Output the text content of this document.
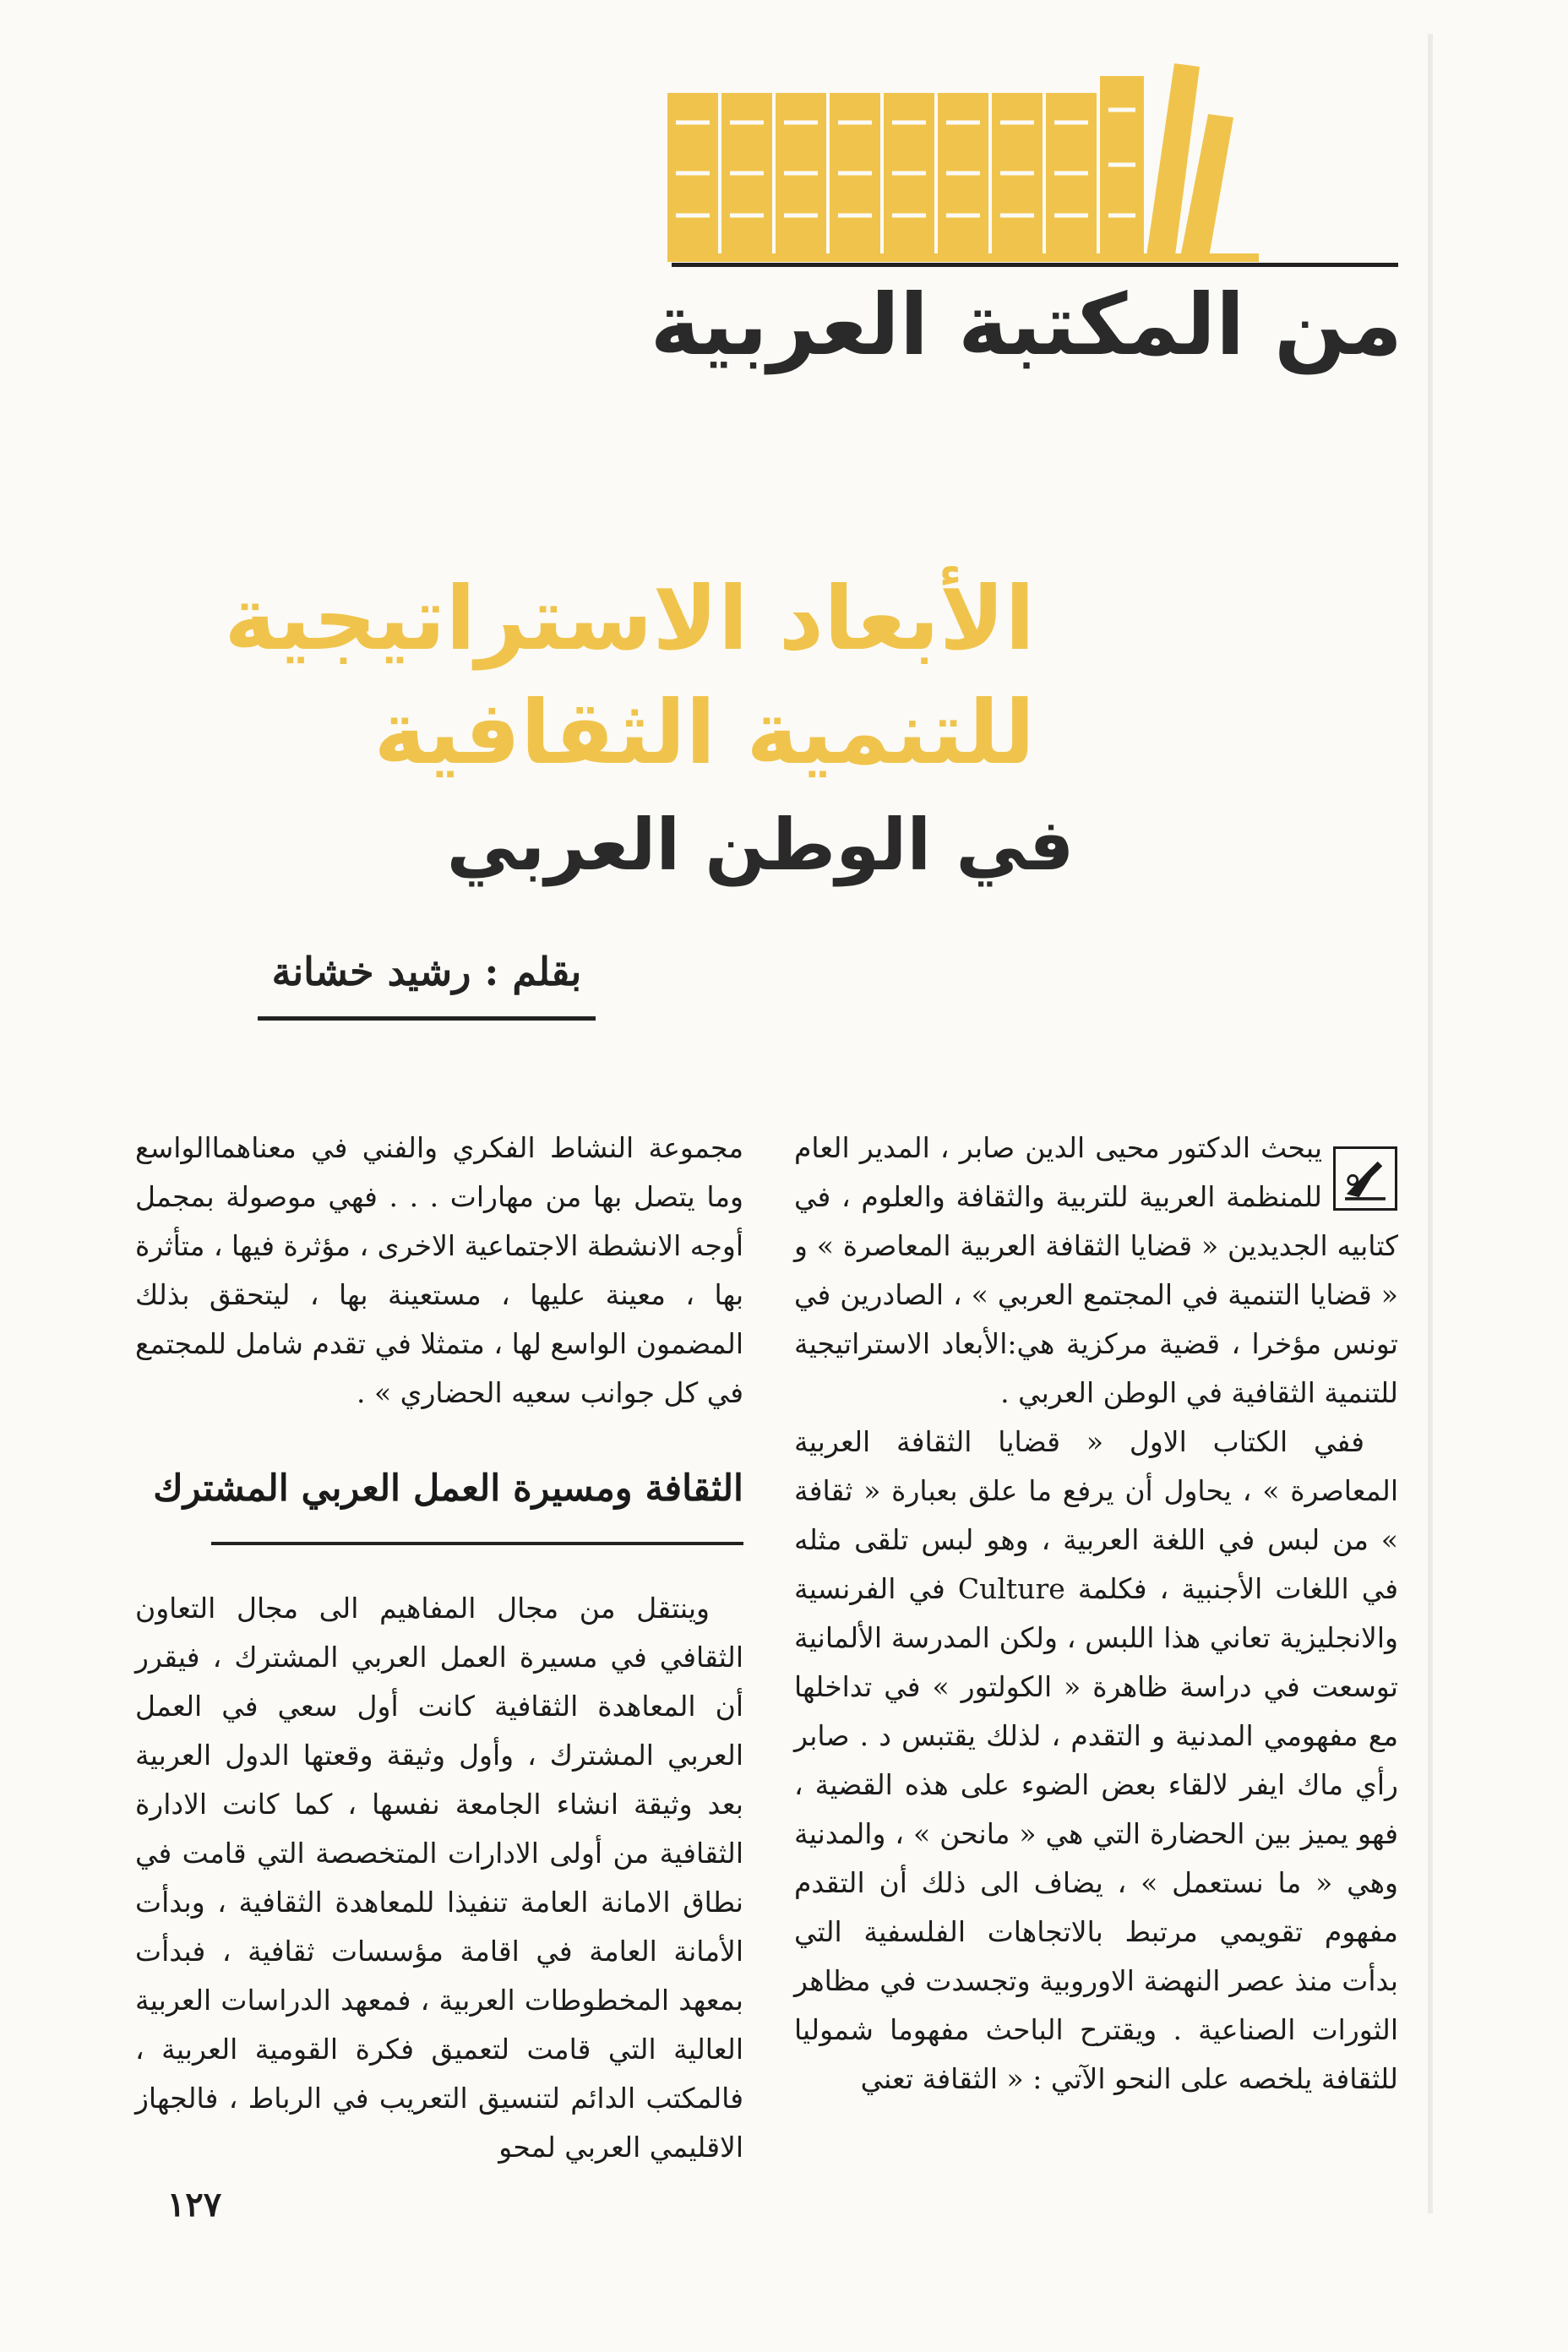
من المكتبة العربية
الأبعاد الاستراتيجية
للتنمية الثقافية
في الوطن العربي
بقلم : رشيد خشانة

يبحث الدكتور محيى الدين صابر ، المدير العام للمنظمة العربية للتربية والثقافة والعلوم ، في كتابيه الجديدين « قضايا الثقافة العربية المعاصرة » و « قضايا التنمية في المجتمع العربي » ، الصادرين في تونس مؤخرا ، قضية مركزية هي:الأبعاد الاستراتيجية للتنمية الثقافية في الوطن العربي .

ففي الكتاب الاول « قضايا الثقافة العربية المعاصرة » ، يحاول أن يرفع ما علق بعبارة « ثقافة » من لبس في اللغة العربية ، وهو لبس تلقى مثله في اللغات الأجنبية ، فكلمة Culture في الفرنسية والانجليزية تعاني هذا اللبس ، ولكن المدرسة الألمانية توسعت في دراسة ظاهرة « الكولتور » في تداخلها مع مفهومي المدنية و التقدم ، لذلك يقتبس د . صابر رأي ماك ايفر لالقاء بعض الضوء على هذه القضية ، فهو يميز بين الحضارة التي هي « مانحن » ، والمدنية وهي « ما نستعمل » ، يضاف الى ذلك أن التقدم مفهوم تقويمي مرتبط بالاتجاهات الفلسفية التي بدأت منذ عصر النهضة الاوروبية وتجسدت في مظاهر الثورات الصناعية . ويقترح الباحث مفهوما شموليا للثقافة يلخصه على النحو الآتي : « الثقافة تعني

مجموعة النشاط الفكري والفني في معناهماالواسع وما يتصل بها من مهارات . . . فهي موصولة بمجمل أوجه الانشطة الاجتماعية الاخرى ، مؤثرة فيها ، متأثرة بها ، معينة عليها ، مستعينة بها ، ليتحقق بذلك المضمون الواسع لها ، متمثلا في تقدم شامل للمجتمع في كل جوانب سعيه الحضاري » .

الثقافة ومسيرة العمل العربي المشترك

وينتقل من مجال المفاهيم الى مجال التعاون الثقافي في مسيرة العمل العربي المشترك ، فيقرر أن المعاهدة الثقافية كانت أول سعي في العمل العربي المشترك ، وأول وثيقة وقعتها الدول العربية بعد وثيقة انشاء الجامعة نفسها ، كما كانت الادارة الثقافية من أولى الادارات المتخصصة التي قامت في نطاق الامانة العامة تنفيذا للمعاهدة الثقافية ، وبدأت الأمانة العامة في اقامة مؤسسات ثقافية ، فبدأت بمعهد المخطوطات العربية ، فمعهد الدراسات العربية العالية التي قامت لتعميق فكرة القومية العربية ، فالمكتب الدائم لتنسيق التعريب في الرباط ، فالجهاز الاقليمي العربي لمحو

١٢٧
